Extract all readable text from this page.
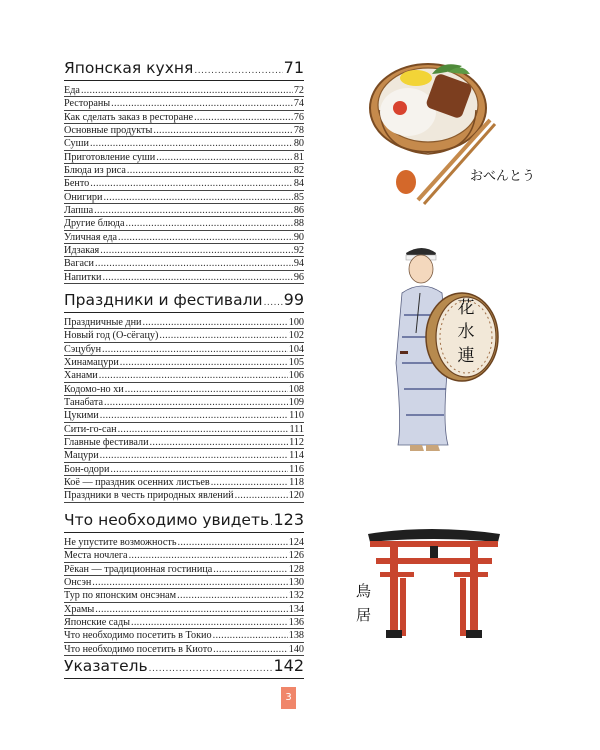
Японская кухня .....	71
Еда .....	72
Рестораны .....	74
Как сделать заказ в ресторане .....	76
Основные продукты .....	78
Суши .....	80
Приготовление суши .....	81
Блюда из риса .....	82
Бенто .....	84
Онигири .....	85
Лапша .....	86
Другие блюда .....	88
Уличная еда .....	90
Идзакая .....	92
Вагаси .....	94
Напитки .....	96
Праздники и фестивали ..... 99
Праздничные дни .....	100
Новый год (О-сёгацу) .....	102
Сэцубун .....	104
Хинамацури .....	105
Ханами .....	106
Кодомо-но хи .....	108
Танабата .....	109
Цукими .....	110
Сити-го-сан .....	111
Главные фестивали .....	112
Мацури .....	114
Бон-одори .....	116
Коё — праздник осенних листьев .....	118
Праздники в честь природных явлений .....	120
Что необходимо увидеть ..... 123
Не упустите возможность .....	124
Места ночлега .....	126
Рёкан — традиционная гостиница .....	128
Онсэн .....	130
Тур по японским онсэнам .....	132
Храмы .....	134
Японские сады .....	136
Что необходимо посетить в Токио .....	138
Что необходимо посетить в Киото .....	140
Указатель .....	142
3
おべんとう
花
水
連
鳥
居
